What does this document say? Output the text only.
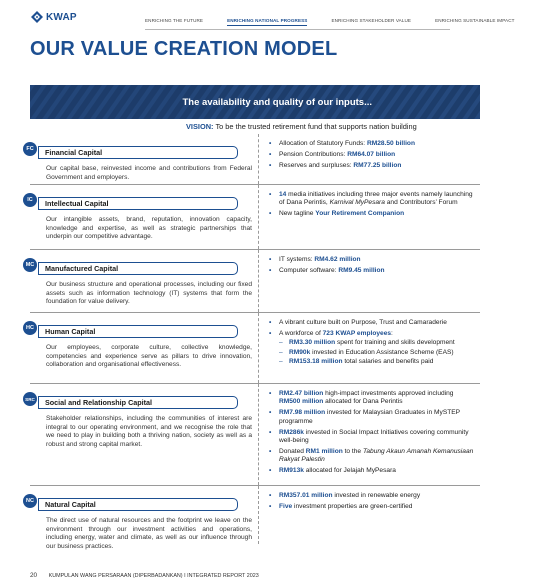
KWAP	ENRICHING THE FUTURE	ENRICHING NATIONAL PROGRESS	ENRICHING STAKEHOLDER VALUE	ENRICHING SUSTAINABLE IMPACT
OUR VALUE CREATION MODEL
The availability and quality of our inputs...
VISION: To be the trusted retirement fund that supports nation building
FC	Financial Capital
Our capital base, reinvested income and contributions from Federal Government and employers.
• Allocation of Statutory Funds: RM28.50 billion
• Pension Contributions: RM64.07 billion
• Reserves and surpluses: RM77.25 billion
IC	Intellectual Capital
Our intangible assets, brand, reputation, innovation capacity, knowledge and expertise, as well as strategic partnerships that underpin our competitive advantage.
• 14 media initiatives including three major events namely launching of Dana Perintis, Karnival MyPesara and Contributors’ Forum
• New tagline Your Retirement Companion
MC	Manufactured Capital
Our business structure and operational processes, including our fixed assets such as information technology (IT) systems that form the foundation for value delivery.
• IT systems: RM4.62 million
• Computer software: RM9.45 million
HC	Human Capital
Our employees, corporate culture, collective knowledge, competencies and experience serve as pillars to drive innovation, collaboration and organisational effectiveness.
• A vibrant culture built on Purpose, Trust and Camaraderie
• A workforce of 723 KWAP employees:
– RM3.30 million spent for training and skills development
– RM90k invested in Education Assistance Scheme (EAS)
– RM153.18 million total salaries and benefits paid
SRC	Social and Relationship Capital
Stakeholder relationships, including the communities of interest are integral to our operating environment, and we recognise the role that we need to play in building both a thriving nation, society as well as a robust and strong capital market.
• RM2.47 billion high-impact investments approved including RM500 million allocated for Dana Perintis
• RM7.98 million invested for Malaysian Graduates in MySTEP programme
• RM286k invested in Social Impact Initiatives covering community well-being
• Donated RM1 million to the Tabung Akaun Amanah Kemanusiaan Rakyat Palestin
• RM913k allocated for Jelajah MyPesara
NC	Natural Capital
The direct use of natural resources and the footprint we leave on the environment through our investment activities and operations, including energy, water and climate, as well as our influence through our business practices.
• RM357.01 million invested in renewable energy
• Five investment properties are green-certified
20 KUMPULAN WANG PERSARAAN (DIPERBADANKAN) I INTEGRATED REPORT 2023
